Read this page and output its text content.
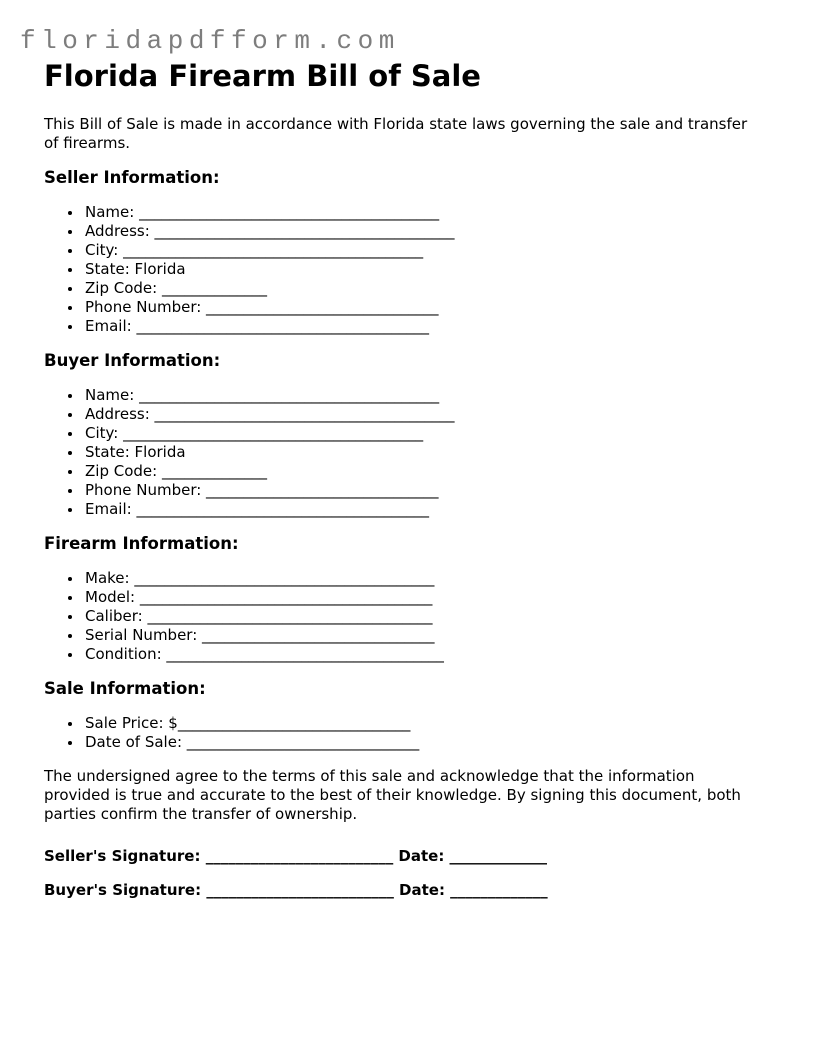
floridapdfform.com
Florida Firearm Bill of Sale

This Bill of Sale is made in accordance with Florida state laws governing the sale and transfer of firearms.

Seller Information:

Name: ________________________________________
Address: ________________________________________
City: ________________________________________
State: Florida
Zip Code: ______________
Phone Number: _______________________________
Email: _______________________________________

Buyer Information:

Name: ________________________________________
Address: ________________________________________
City: ________________________________________
State: Florida
Zip Code: ______________
Phone Number: _______________________________
Email: _______________________________________

Firearm Information:

Make: ________________________________________
Model: _______________________________________
Caliber: ______________________________________
Serial Number: _______________________________
Condition: _____________________________________

Sale Information:

Sale Price: $_______________________________
Date of Sale: _______________________________

The undersigned agree to the terms of this sale and acknowledge that the information provided is true and accurate to the best of their knowledge. By signing this document, both parties confirm the transfer of ownership.

Seller's Signature: _________________________ Date: _____________

Buyer's Signature: _________________________ Date: _____________
